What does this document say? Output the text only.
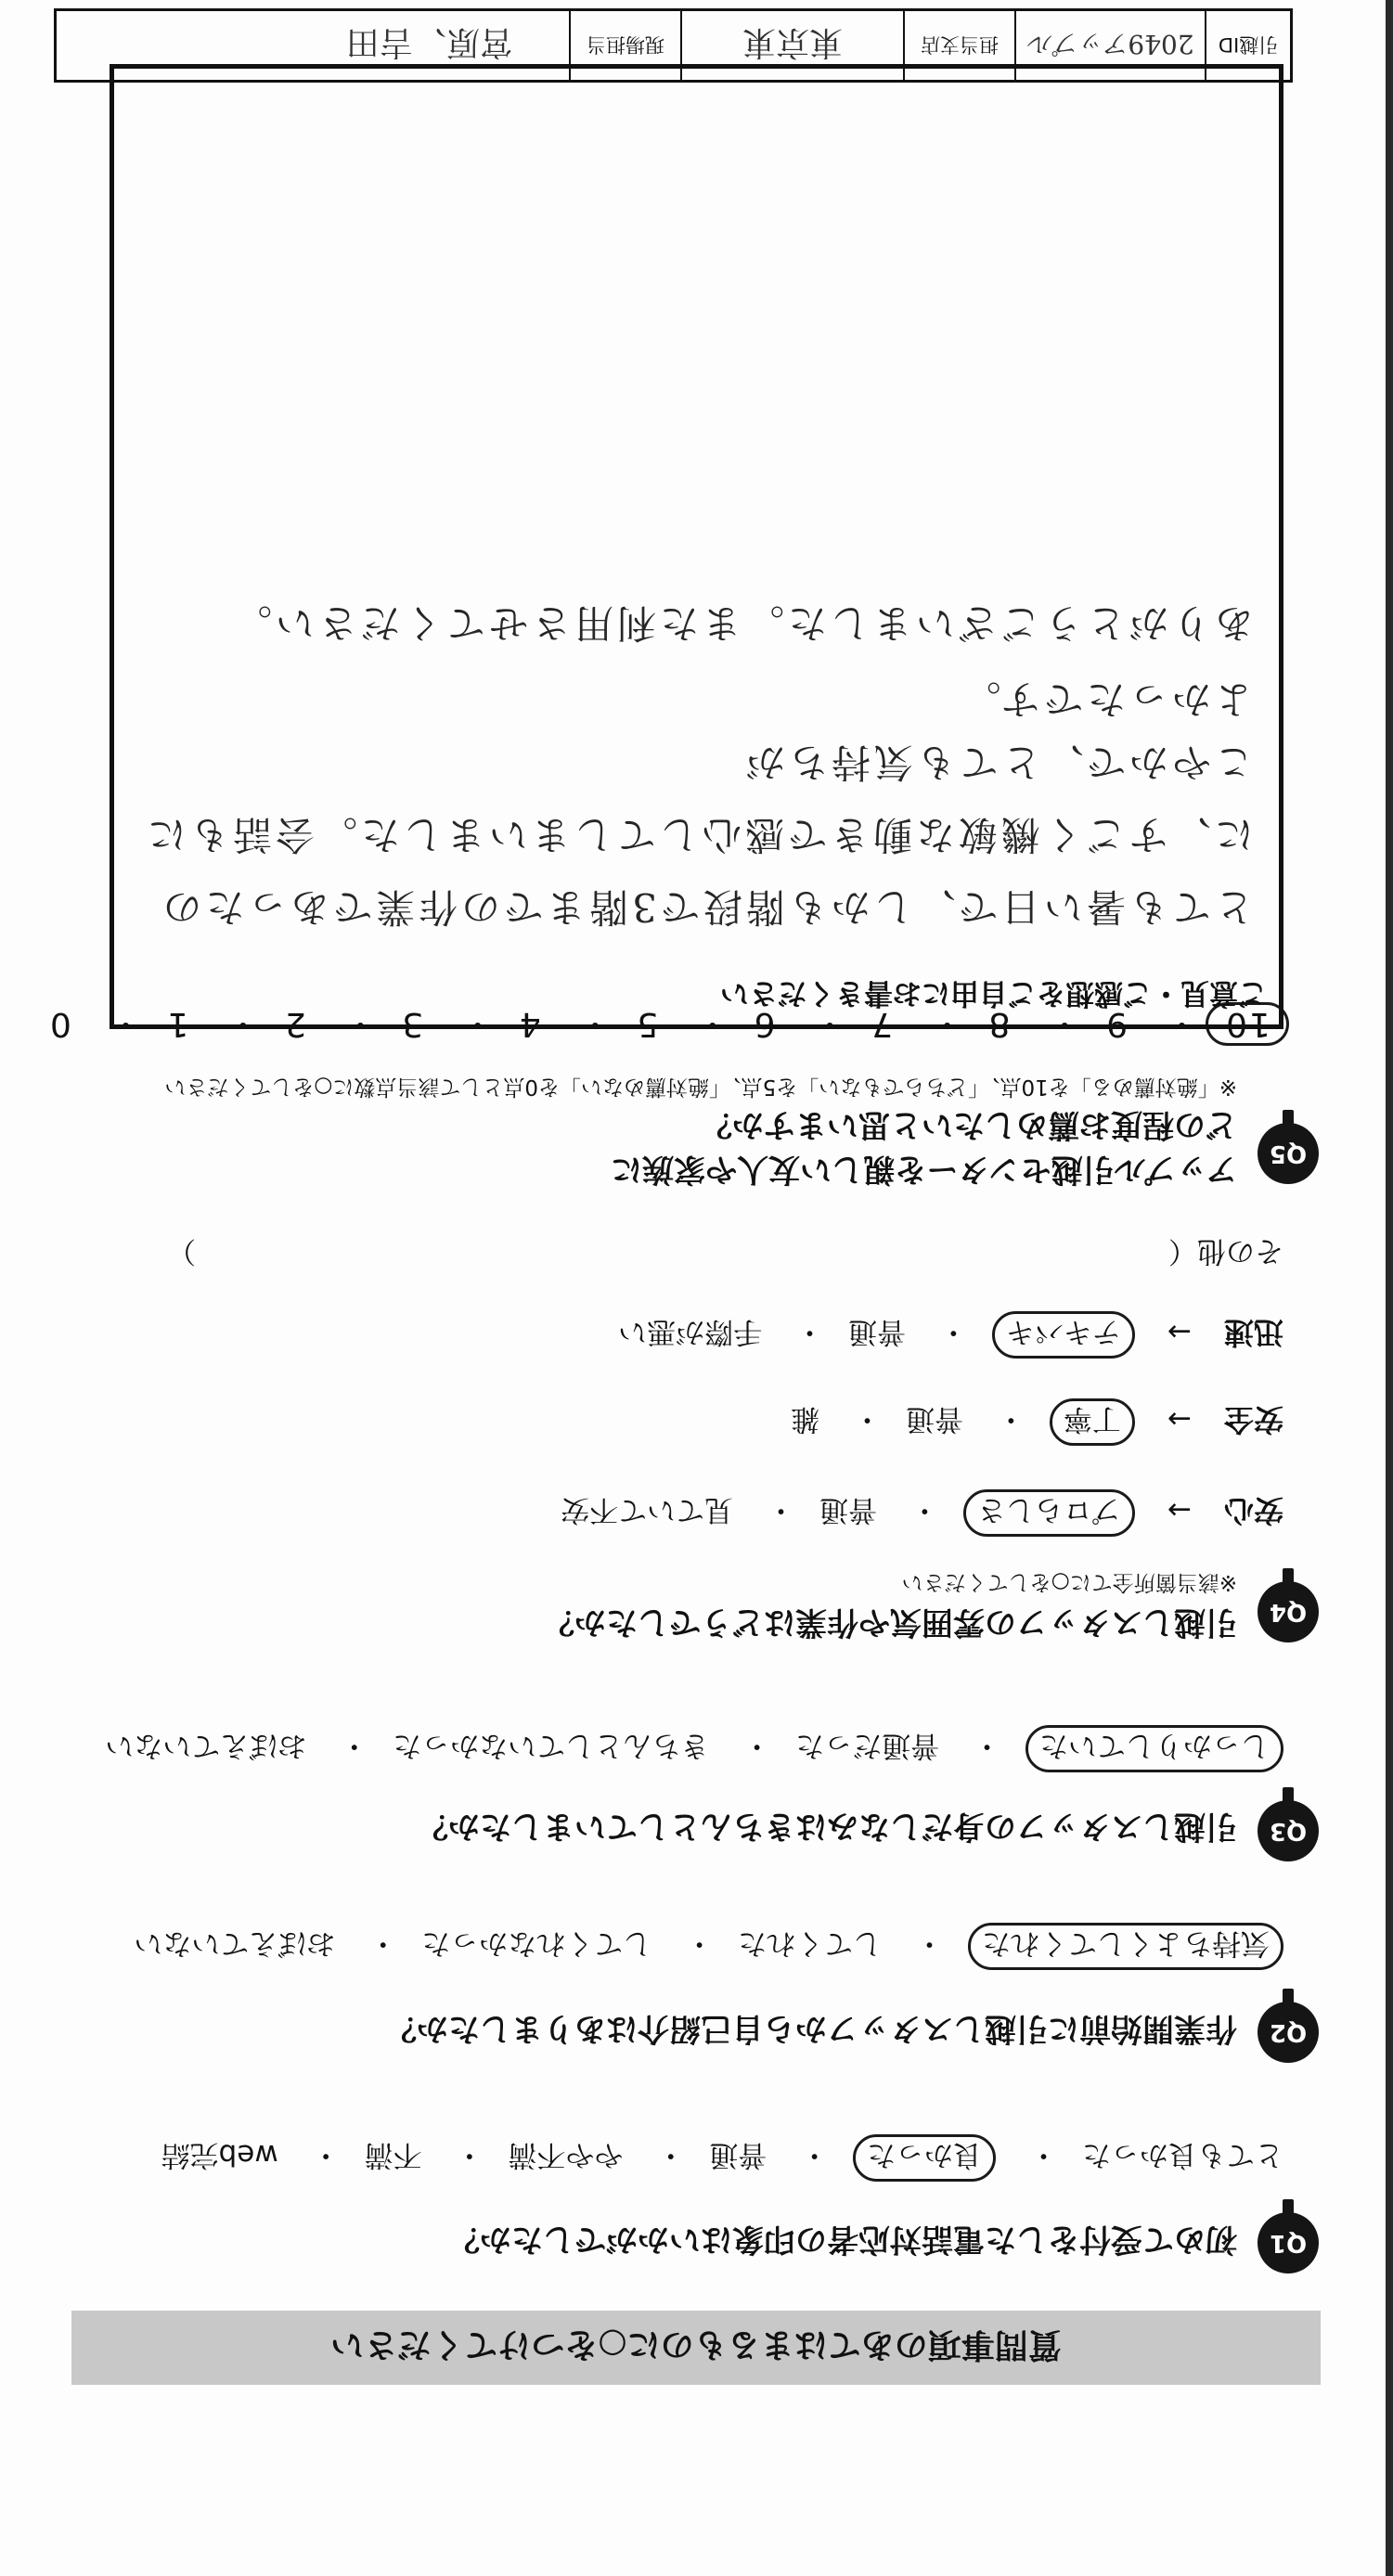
質問事項のあてはまるものに○をつけてください
Q1
初めて受付をした電話対応者の印象はいかがでしたか？
とても良かった・ 良かった・ 普通・ やや不満・ 不満・ web完結
Q2
作業開始前に引越しスタッフから自己紹介はありましたか？
気持ちよくしてくれた・ してくれた・ してくれなかった・ おぼえていない
Q3
引越しスタッフの身だしなみはきちんとしていましたか？
しっかりしていた・ 普通だった・ きちんとしていなかった・ おぼえていない
Q4
引越しスタッフの雰囲気や作業はどうでしたか？
※該当箇所全てに○をしてください
安心 → プロらしさ・ 普通・ 見ていて不安
安全 → 丁寧・ 普通・ 雑
迅速 → テキパキ・ 普通・ 手際が悪い
その他（
）
Q5
アップル引越センターを親しい友人や家族に
どの程度お薦めしたいと思いますか？
※「絶対薦める」を10点、「どちらでもない」を5点、「絶対薦めない」を0点として該当点数に○をしてください
10・ 9・ 8・ 7・ 6・ 5・ 4・ 3・ 2・ 1・ 0
ご意見・ご感想をご自由にお書きください
とても暑い日で、しかも階段で3階までの作業であったのに、すごく機敏な動きで感心してしまいました。会話もにこやかで、とても気持ちが
よかったです。
ありがとうございました。また利用させてください。
引越ID
2049アップル
担当支店
東京東
現場担当
宮原、吉田
